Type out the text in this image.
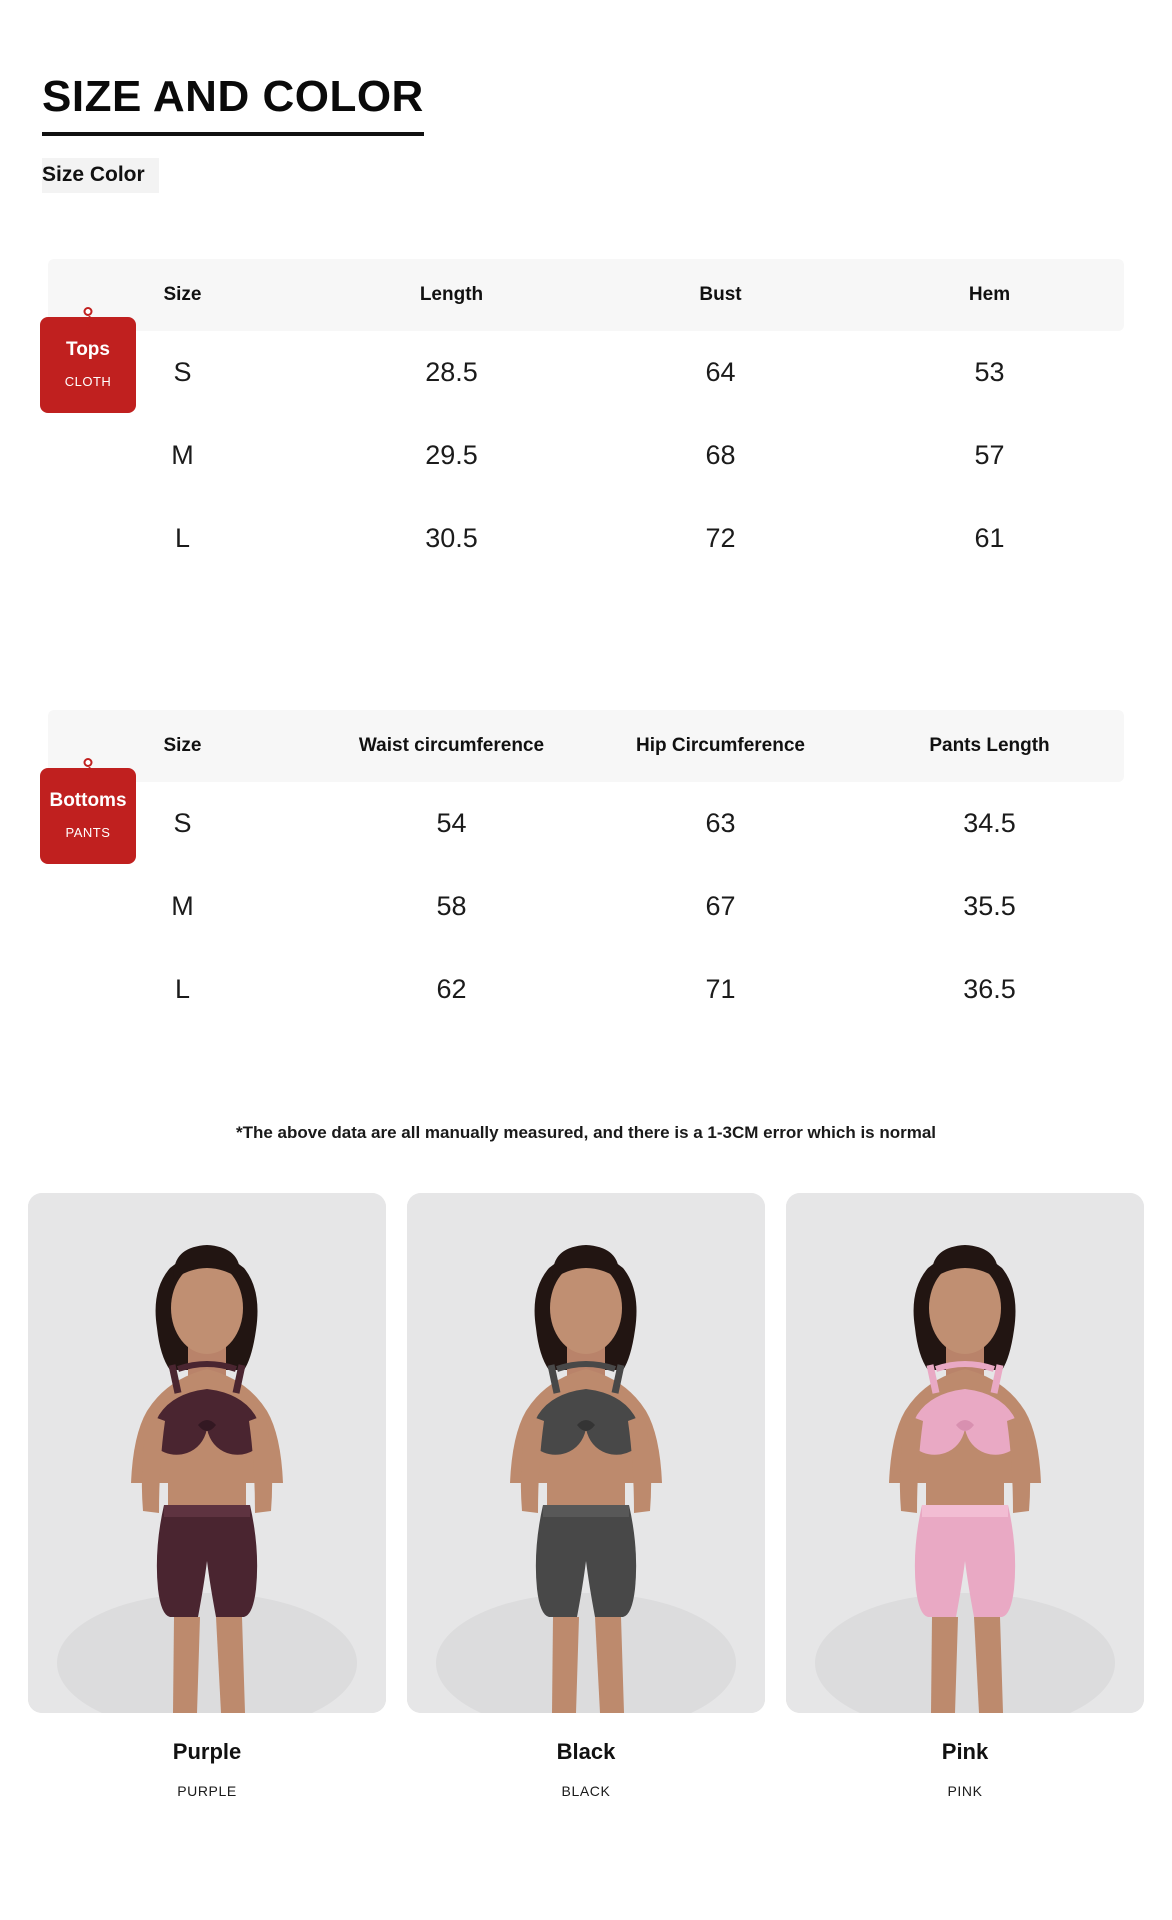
SIZE AND COLOR
Size Color
Tops
CLOTH
Size	Length	Bust	Hem
S	28.5	64	53
M	29.5	68	57
L	30.5	72	61
Bottoms
PANTS
Size	Waist circumference	Hip Circumference	Pants Length
S	54	63	34.5
M	58	67	35.5
L	62	71	36.5
*The above data are all manually measured, and there is a 1-3CM error which is normal
Purple
PURPLE
Black
BLACK
Pink
PINK
